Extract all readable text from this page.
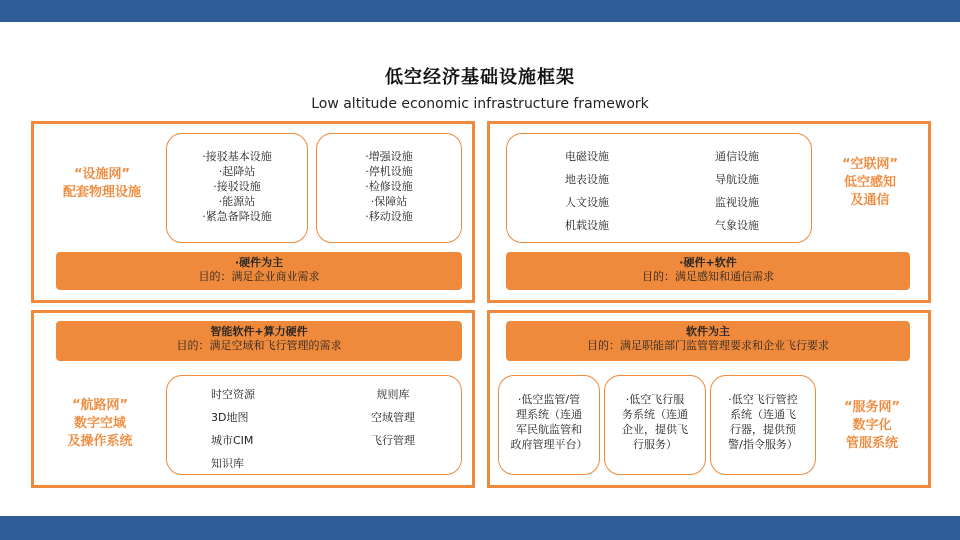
低空经济基础设施框架
Low altitude economic infrastructure framework
“设施网”
配套物理设施
·接驳基本设施
·起降站
·接驳设施
·能源站
·紧急备降设施
·增强设施
·停机设施
·检修设施
·保障站
·移动设施
·硬件为主
目的：满足企业商业需求
电磁设施
地表设施
人文设施
机载设施
通信设施
导航设施
监视设施
气象设施
“空联网”
低空感知
及通信
·硬件+软件
目的：满足感知和通信需求
智能软件+算力硬件
目的：满足空域和飞行管理的需求
“航路网”
数字空域
及操作系统
时空资源
3D地图
城市CIM
知识库
规则库
空域管理
飞行管理
软件为主
目的：满足职能部门监管管理要求和企业飞行要求
·低空监管/管
理系统（连通
军民航监管和
政府管理平台）
·低空飞行服
务系统（连通
企业，提供飞
行服务）
·低空飞行管控
系统（连通飞
行器，提供预
警/指令服务）
“服务网”
数字化
管服系统
